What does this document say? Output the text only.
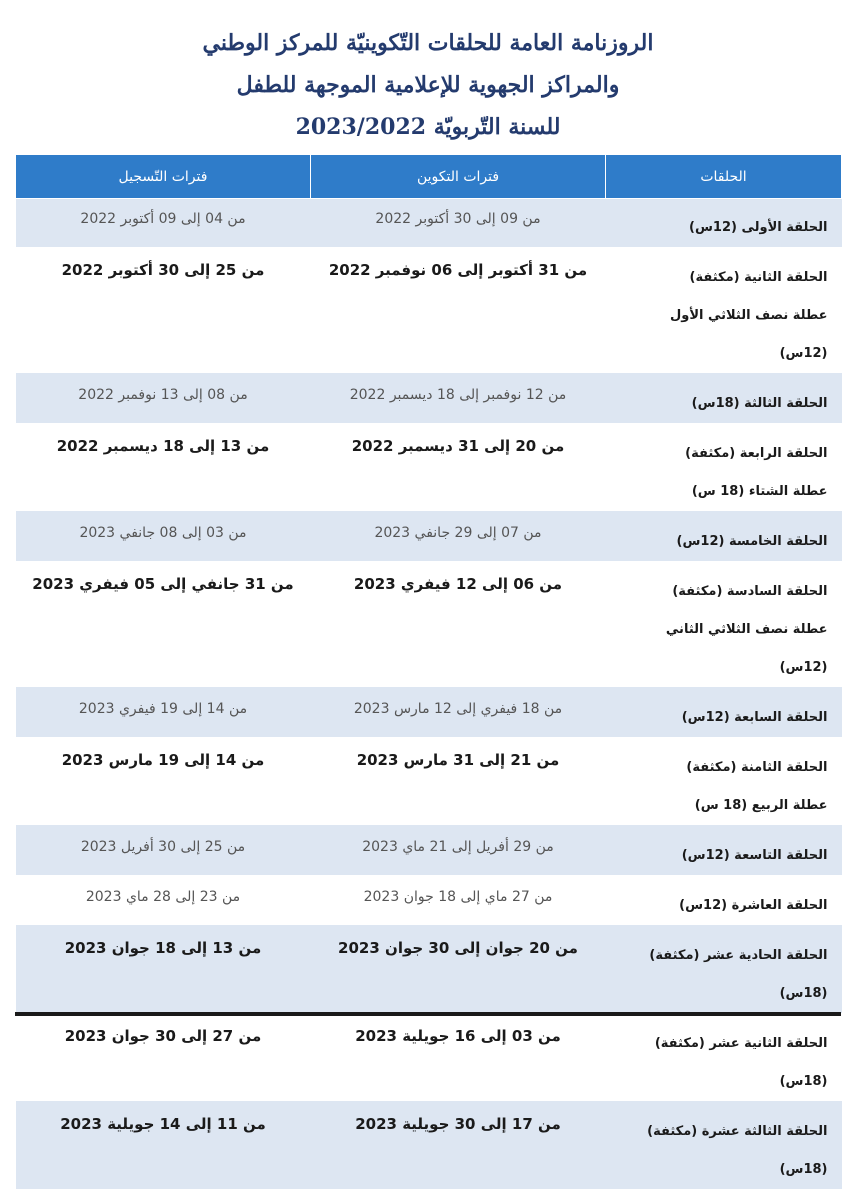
الروزنامة العامة للحلقات التّكوينيّة للمركز الوطني
والمراكز الجهوية للإعلامية الموجهة للطفل
للسنة التّربويّة 2023/2022
الحلقات	فترات التكوين	فترات التّسجيل

الحلقة الأولى (12س)	من 09 إلى 30 أكتوبر 2022	من 04 إلى 09 أكتوبر 2022

الحلقة الثانية (مكثفة)
عطلة نصف الثلاثي الأول (12س)	من 31 أكتوبر إلى 06 نوفمبر 2022	من 25 إلى 30 أكتوبر 2022

الحلقة الثالثة (18س)	من 12 نوفمبر إلى 18 ديسمبر 2022	من 08 إلى 13 نوفمبر 2022

الحلقة الرابعة (مكثفة)
عطلة الشتاء (18 س)	من 20 إلى 31 ديسمبر 2022	من 13 إلى 18 ديسمبر 2022

الحلقة الخامسة (12س)	من 07 إلى 29 جانفي 2023	من 03 إلى 08 جانفي 2023

الحلقة السادسة (مكثفة)
عطلة نصف الثلاثي الثاني (12س)	من 06 إلى 12 فيفري 2023	من 31 جانفي إلى 05 فيفري 2023

الحلقة السابعة (12س)	من 18 فيفري إلى 12 مارس 2023	من 14 إلى 19 فيفري 2023

الحلقة الثامنة (مكثفة)
عطلة الربيع (18 س)	من 21 إلى 31 مارس 2023	من 14 إلى 19 مارس 2023

الحلقة التاسعة (12س)	من 29 أفريل إلى 21 ماي 2023	من 25 إلى 30 أفريل 2023

الحلقة العاشرة (12س)	من 27 ماي إلى 18 جوان 2023	من 23 إلى 28 ماي 2023

الحلقة الحادية عشر (مكثفة)
(18س)	من 20 جوان إلى 30 جوان 2023	من 13 إلى 18 جوان 2023

الحلقة الثانية عشر (مكثفة)
(18س)	من 03 إلى 16 جويلية 2023	من 27 إلى 30 جوان 2023

الحلقة الثالثة عشرة (مكثفة)
(18س)	من 17 إلى 30 جويلية 2023	من 11 إلى 14 جويلية 2023
